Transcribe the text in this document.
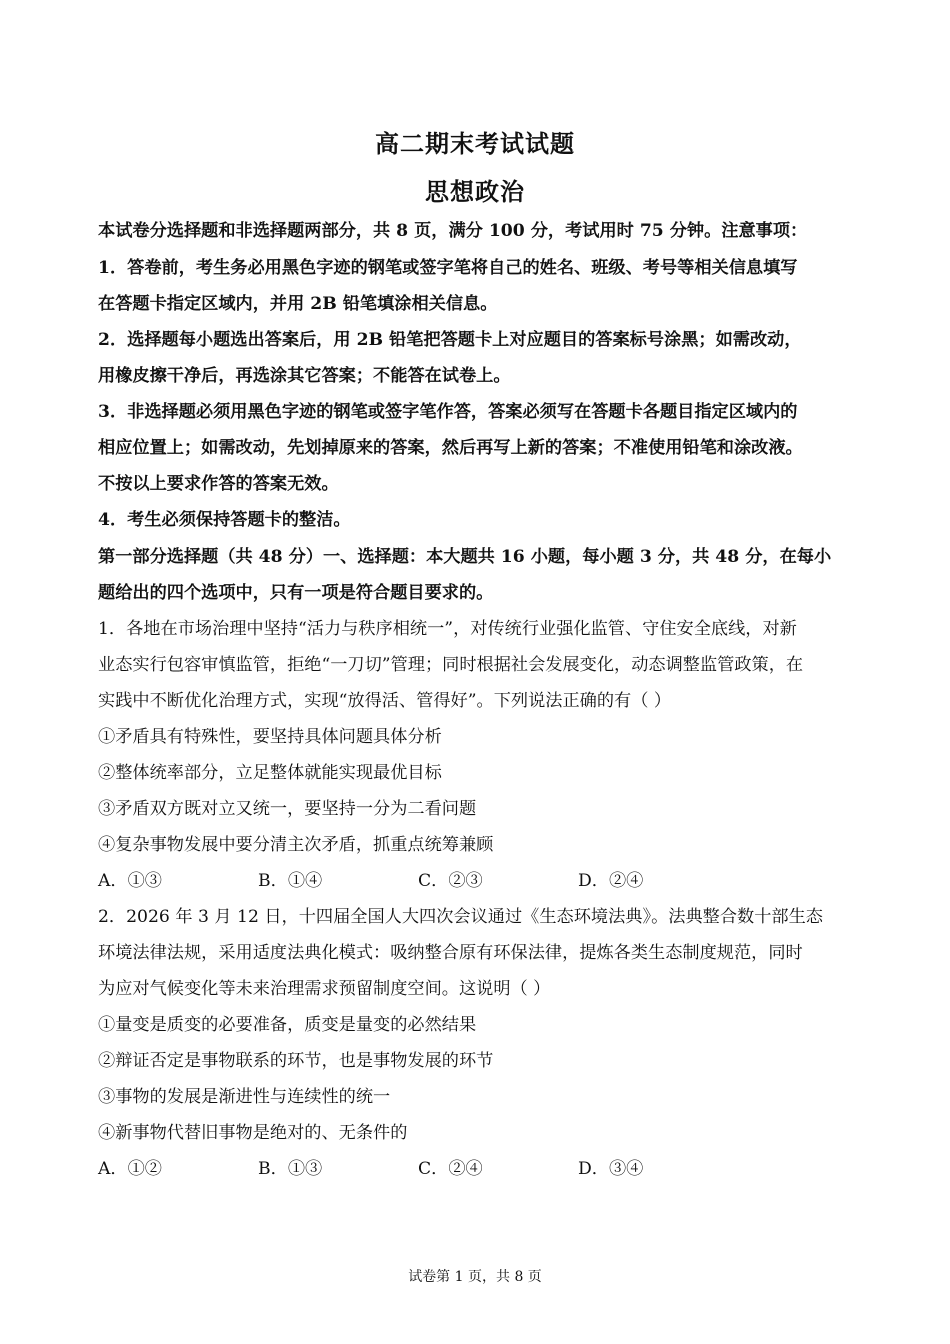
高二期末考试试题
思想政治
本试卷分选择题和非选择题两部分，共 8 页，满分 100 分，考试用时 75 分钟。注意事项：
1．答卷前，考生务必用黑色字迹的钢笔或签字笔将自己的姓名、班级、考号等相关信息填写
在答题卡指定区域内，并用 2B 铅笔填涂相关信息。
2．选择题每小题选出答案后，用 2B 铅笔把答题卡上对应题目的答案标号涂黑；如需改动，
用橡皮擦干净后，再选涂其它答案；不能答在试卷上。
3．非选择题必须用黑色字迹的钢笔或签字笔作答，答案必须写在答题卡各题目指定区域内的
相应位置上；如需改动，先划掉原来的答案，然后再写上新的答案；不准使用铅笔和涂改液。
不按以上要求作答的答案无效。
4．考生必须保持答题卡的整洁。
第一部分选择题（共 48 分）一、选择题：本大题共 16 小题，每小题 3 分，共 48 分，在每小
题给出的四个选项中，只有一项是符合题目要求的。
1．各地在市场治理中坚持“活力与秩序相统一”，对传统行业强化监管、守住安全底线，对新
业态实行包容审慎监管，拒绝“一刀切”管理；同时根据社会发展变化，动态调整监管政策，在
实践中不断优化治理方式，实现“放得活、管得好”。下列说法正确的有（ ）
①矛盾具有特殊性，要坚持具体问题具体分析
②整体统率部分，立足整体就能实现最优目标
③矛盾双方既对立又统一，要坚持一分为二看问题
④复杂事物发展中要分清主次矛盾，抓重点统筹兼顾
A．①③	B．①④	C．②③	D．②④
2．2026 年 3 月 12 日，十四届全国人大四次会议通过《生态环境法典》。法典整合数十部生态
环境法律法规，采用适度法典化模式：吸纳整合原有环保法律，提炼各类生态制度规范，同时
为应对气候变化等未来治理需求预留制度空间。这说明（ ）
①量变是质变的必要准备，质变是量变的必然结果
②辩证否定是事物联系的环节，也是事物发展的环节
③事物的发展是渐进性与连续性的统一
④新事物代替旧事物是绝对的、无条件的
A．①②	B．①③	C．②④	D．③④
试卷第 1 页，共 8 页
